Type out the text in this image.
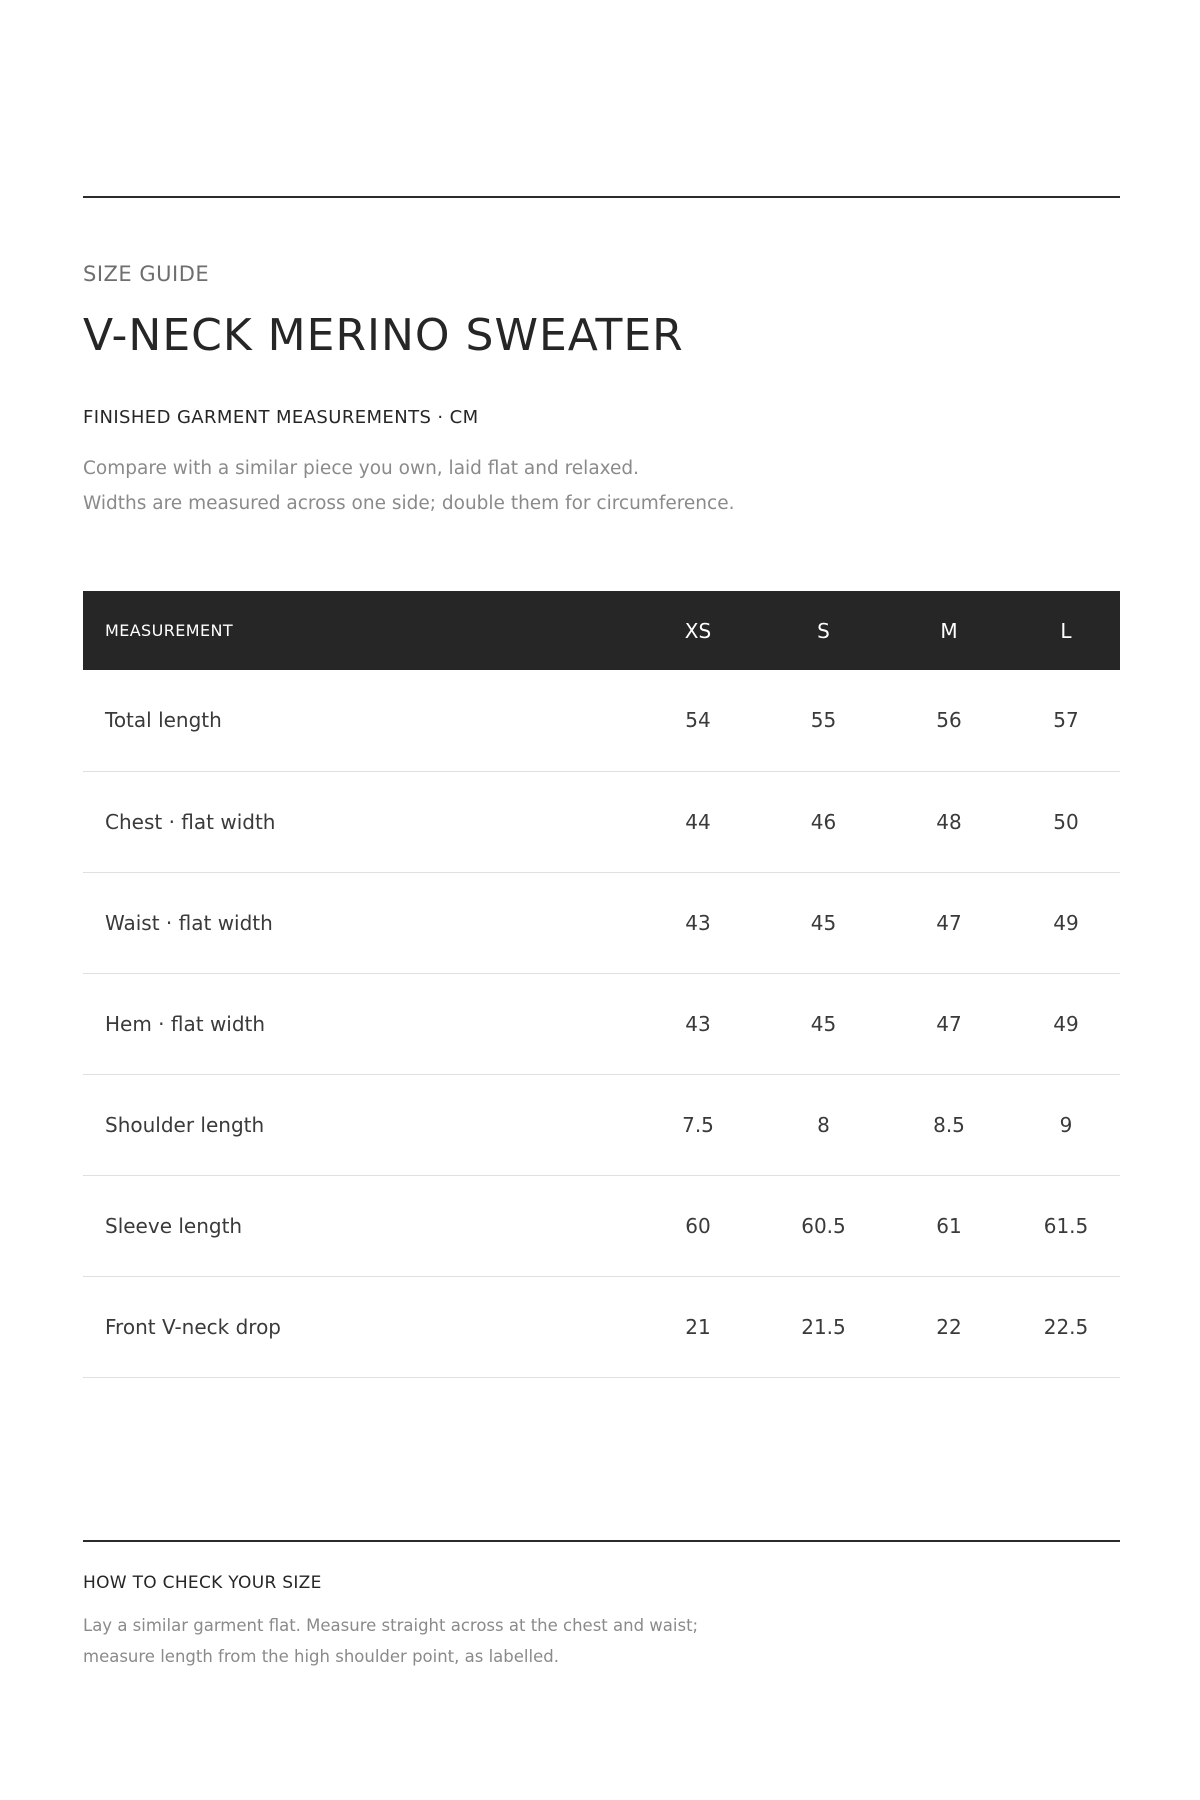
SIZE GUIDE
V-NECK MERINO SWEATER
FINISHED GARMENT MEASUREMENTS · CM
Compare with a similar piece you own, laid flat and relaxed.
Widths are measured across one side; double them for circumference.
MEASUREMENT	XS	S	M	L
Total length	54	55	56	57
Chest · flat width	44	46	48	50
Waist · flat width	43	45	47	49
Hem · flat width	43	45	47	49
Shoulder length	7.5	8	8.5	9
Sleeve length	60	60.5	61	61.5
Front V-neck drop	21	21.5	22	22.5
HOW TO CHECK YOUR SIZE
Lay a similar garment flat. Measure straight across at the chest and waist;
measure length from the high shoulder point, as labelled.
